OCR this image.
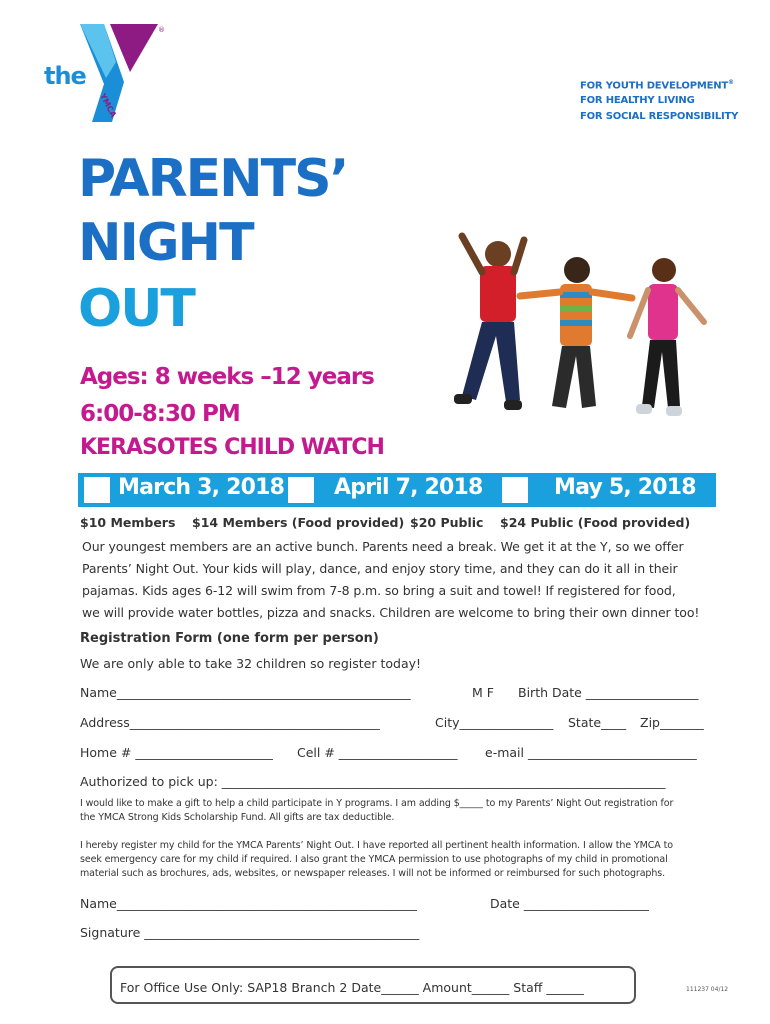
the
YMCA
®
FOR YOUTH DEVELOPMENT®
FOR HEALTHY LIVING
FOR SOCIAL RESPONSIBILITY
PARENTS’
NIGHT
OUT
Ages: 8 weeks –12 years
6:00-8:30 PM
KERASOTES CHILD WATCH
March 3, 2018 April 7, 2018	May 5, 2018
$10 Members $14 Members (Food provided) $20 Public $24 Public (Food provided)
Our youngest members are an active bunch. Parents need a break. We get it at the Y, so we offer
Parents’ Night Out. Your kids will play, dance, and enjoy story time, and they can do it all in their
pajamas. Kids ages 6-12 will swim from 7-8 p.m. so bring a suit and towel! If registered for food,
we will provide water bottles, pizza and snacks. Children are welcome to bring their own dinner too!
Registration Form (one form per person)
We are only able to take 32 children so register today!
Name_______________________________________________	M F Birth Date __________________
Address________________________________________	City_______________ State____ Zip_______
Home # ______________________ Cell # ___________________ e-mail ___________________________
Authorized to pick up: _______________________________________________________________________
I would like to make a gift to help a child participate in Y programs. I am adding $_____ to my Parents’ Night Out registration for
the YMCA Strong Kids Scholarship Fund. All gifts are tax deductible.
I hereby register my child for the YMCA Parents’ Night Out. I have reported all pertinent health information. I allow the YMCA to
seek emergency care for my child if required. I also grant the YMCA permission to use photographs of my child in promotional
material such as brochures, ads, websites, or newspaper releases. I will not be informed or reimbursed for such photographs.
Name________________________________________________	Date ____________________
Signature ____________________________________________
For Office Use Only: SAP18 Branch 2 Date______ Amount______ Staff ______	111237 04/12
